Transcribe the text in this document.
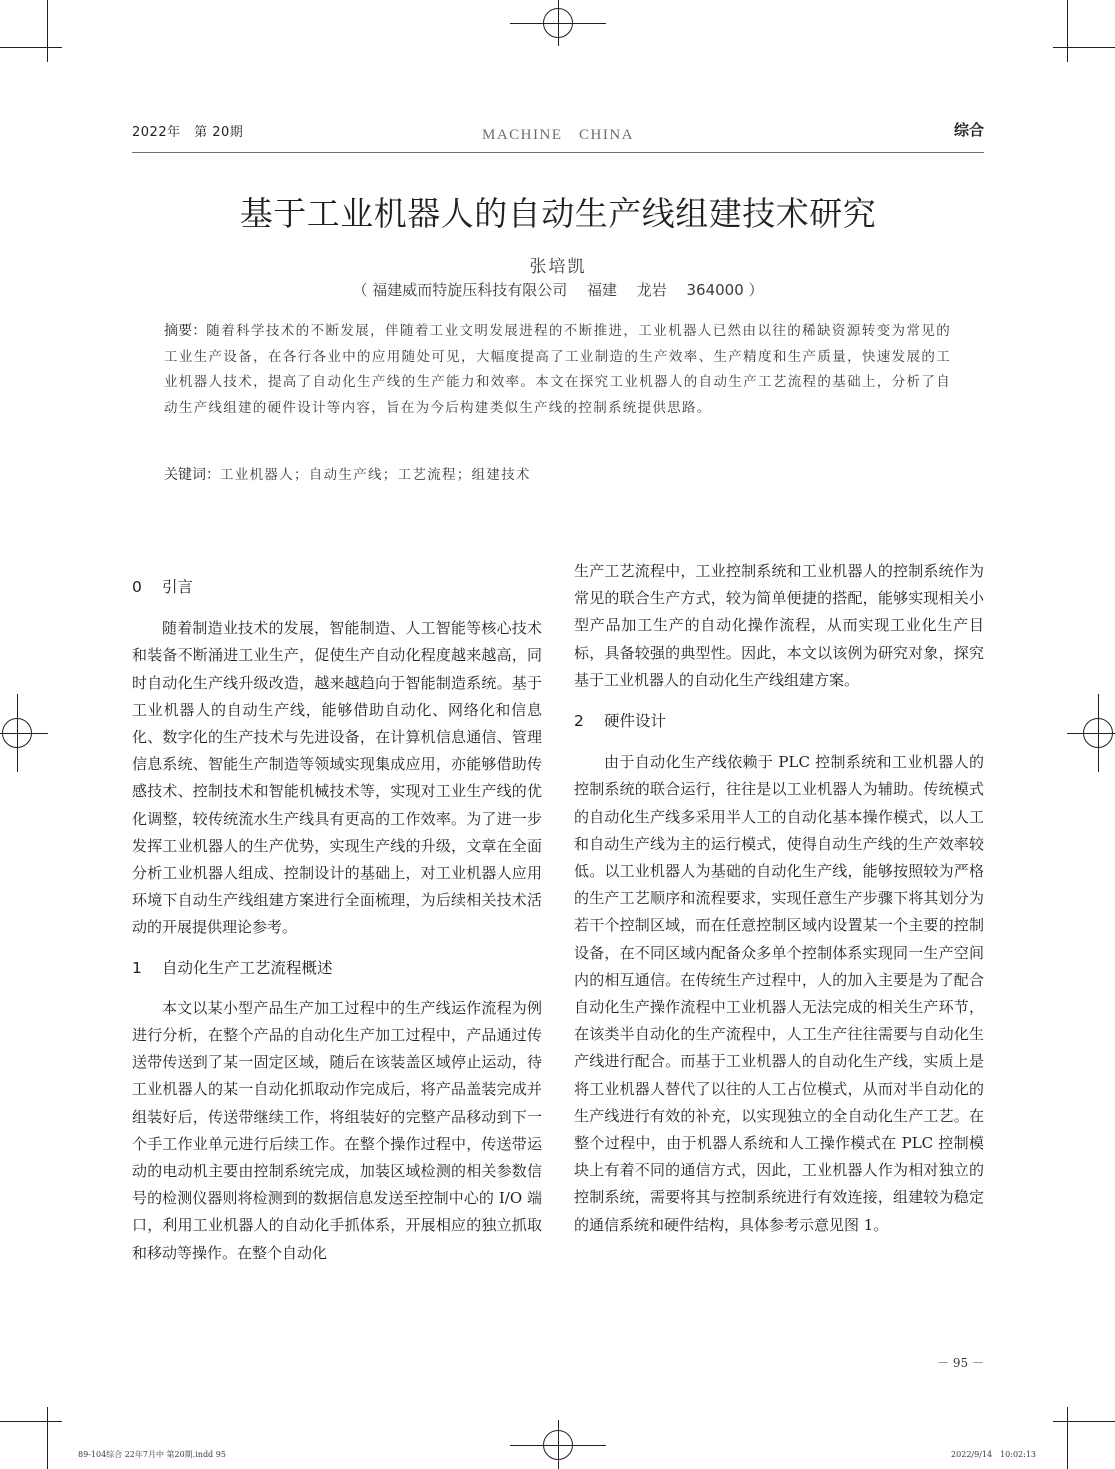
2022年　第 20期	MACHINE　CHINA	综合
基于工业机器人的自动生产线组建技术研究
张培凯
（ 福建威而特旋压科技有限公司　 福建　 龙岩　 364000 ）
摘要：随着科学技术的不断发展，伴随着工业文明发展进程的不断推进，工业机器人已然由以往的稀缺资源转变为常见的工业生产设备，在各行各业中的应用随处可见，大幅度提高了工业制造的生产效率、生产精度和生产质量，快速发展的工业机器人技术，提高了自动化生产线的生产能力和效率。本文在探究工业机器人的自动生产工艺流程的基础上，分析了自动生产线组建的硬件设计等内容，旨在为今后构建类似生产线的控制系统提供思路。
关键词：工业机器人；自动生产线；工艺流程；组建技术
0 引言

随着制造业技术的发展，智能制造、人工智能等核心技术和装备不断涌进工业生产，促使生产自动化程度越来越高，同时自动化生产线升级改造，越来越趋向于智能制造系统。基于工业机器人的自动生产线，能够借助自动化、网络化和信息化、数字化的生产技术与先进设备，在计算机信息通信、管理信息系统、智能生产制造等领域实现集成应用，亦能够借助传感技术、控制技术和智能机械技术等，实现对工业生产线的优化调整，较传统流水生产线具有更高的工作效率。为了进一步发挥工业机器人的生产优势，实现生产线的升级，文章在全面分析工业机器人组成、控制设计的基础上，对工业机器人应用环境下自动生产线组建方案进行全面梳理，为后续相关技术活动的开展提供理论参考。

1 自动化生产工艺流程概述

本文以某小型产品生产加工过程中的生产线运作流程为例进行分析，在整个产品的自动化生产加工过程中，产品通过传送带传送到了某一固定区域，随后在该装盖区域停止运动，待工业机器人的某一自动化抓取动作完成后，将产品盖装完成并组装好后，传送带继续工作，将组装好的完整产品移动到下一个手工作业单元进行后续工作。在整个操作过程中，传送带运动的电动机主要由控制系统完成，加装区域检测的相关参数信号的检测仪器则将检测到的数据信息发送至控制中心的 I/O 端口，利用工业机器人的自动化手抓体系，开展相应的独立抓取和移动等操作。在整个自动化

生产工艺流程中，工业控制系统和工业机器人的控制系统作为常见的联合生产方式，较为简单便捷的搭配，能够实现相关小型产品加工生产的自动化操作流程，从而实现工业化生产目标，具备较强的典型性。因此，本文以该例为研究对象，探究基于工业机器人的自动化生产线组建方案。

2 硬件设计

由于自动化生产线依赖于 PLC 控制系统和工业机器人的控制系统的联合运行，往往是以工业机器人为辅助。传统模式的自动化生产线多采用半人工的自动化基本操作模式，以人工和自动生产线为主的运行模式，使得自动生产线的生产效率较低。以工业机器人为基础的自动化生产线，能够按照较为严格的生产工艺顺序和流程要求，实现任意生产步骤下将其划分为若干个控制区域，而在任意控制区域内设置某一个主要的控制设备，在不同区域内配备众多单个控制体系实现同一生产空间内的相互通信。在传统生产过程中，人的加入主要是为了配合自动化生产操作流程中工业机器人无法完成的相关生产环节，在该类半自动化的生产流程中，人工生产往往需要与自动化生产线进行配合。而基于工业机器人的自动化生产线，实质上是将工业机器人替代了以往的人工占位模式，从而对半自动化的生产线进行有效的补充，以实现独立的全自动化生产工艺。在整个过程中，由于机器人系统和人工操作模式在 PLC 控制模块上有着不同的通信方式，因此，工业机器人作为相对独立的控制系统，需要将其与控制系统进行有效连接，组建较为稳定的通信系统和硬件结构，具体参考示意见图 1。

－ 95 －
89-104综合 22年7月中 第20期.indd 95	2022/9/14　10:02:13
